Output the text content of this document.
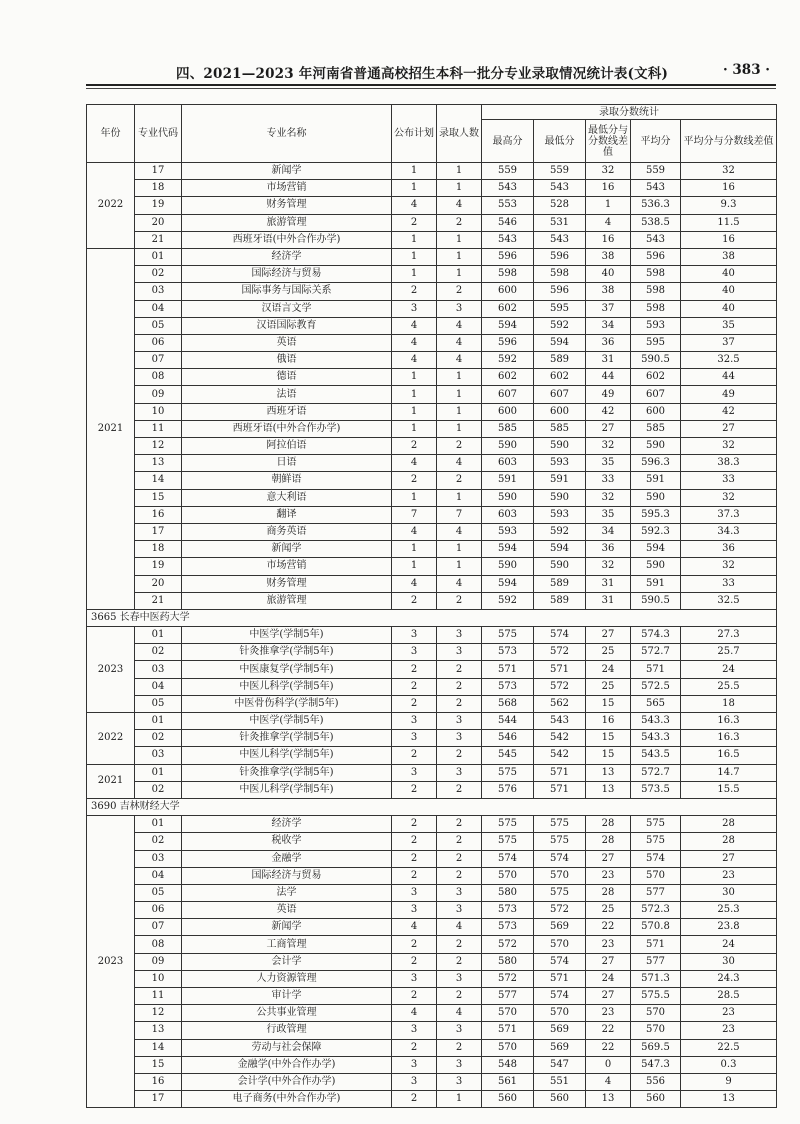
四、2021—2023 年河南省普通高校招生本科一批分专业录取情况统计表(文科)	· 383 ·
年份	专业代码	专业名称	公布计划	录取人数	录取分数统计				
					最高分	最低分	最低分与分数线差值	平均分	平均分与分数线差值
2022	17	新闻学	1	1	559	559	32	559	32
	18	市场营销	1	1	543	543	16	543	16
	19	财务管理	4	4	553	528	1	536.3	9.3
	20	旅游管理	2	2	546	531	4	538.5	11.5
	21	西班牙语(中外合作办学)	1	1	543	543	16	543	16
2021	01	经济学	1	1	596	596	38	596	38
	02	国际经济与贸易	1	1	598	598	40	598	40
	03	国际事务与国际关系	2	2	600	596	38	598	40
	04	汉语言文学	3	3	602	595	37	598	40
	05	汉语国际教育	4	4	594	592	34	593	35
	06	英语	4	4	596	594	36	595	37
	07	俄语	4	4	592	589	31	590.5	32.5
	08	德语	1	1	602	602	44	602	44
	09	法语	1	1	607	607	49	607	49
	10	西班牙语	1	1	600	600	42	600	42
	11	西班牙语(中外合作办学)	1	1	585	585	27	585	27
	12	阿拉伯语	2	2	590	590	32	590	32
	13	日语	4	4	603	593	35	596.3	38.3
	14	朝鲜语	2	2	591	591	33	591	33
	15	意大利语	1	1	590	590	32	590	32
	16	翻译	7	7	603	593	35	595.3	37.3
	17	商务英语	4	4	593	592	34	592.3	34.3
	18	新闻学	1	1	594	594	36	594	36
	19	市场营销	1	1	590	590	32	590	32
	20	财务管理	4	4	594	589	31	591	33
	21	旅游管理	2	2	592	589	31	590.5	32.5
3665 长春中医药大学									
2023	01	中医学(学制5年)	3	3	575	574	27	574.3	27.3
	02	针灸推拿学(学制5年)	3	3	573	572	25	572.7	25.7
	03	中医康复学(学制5年)	2	2	571	571	24	571	24
	04	中医儿科学(学制5年)	2	2	573	572	25	572.5	25.5
	05	中医骨伤科学(学制5年)	2	2	568	562	15	565	18
2022	01	中医学(学制5年)	3	3	544	543	16	543.3	16.3
	02	针灸推拿学(学制5年)	3	3	546	542	15	543.3	16.3
	03	中医儿科学(学制5年)	2	2	545	542	15	543.5	16.5
2021	01	针灸推拿学(学制5年)	3	3	575	571	13	572.7	14.7
	02	中医儿科学(学制5年)	2	2	576	571	13	573.5	15.5
3690 吉林财经大学									
2023	01	经济学	2	2	575	575	28	575	28
	02	税收学	2	2	575	575	28	575	28
	03	金融学	2	2	574	574	27	574	27
	04	国际经济与贸易	2	2	570	570	23	570	23
	05	法学	3	3	580	575	28	577	30
	06	英语	3	3	573	572	25	572.3	25.3
	07	新闻学	4	4	573	569	22	570.8	23.8
	08	工商管理	2	2	572	570	23	571	24
	09	会计学	2	2	580	574	27	577	30
	10	人力资源管理	3	3	572	571	24	571.3	24.3
	11	审计学	2	2	577	574	27	575.5	28.5
	12	公共事业管理	4	4	570	570	23	570	23
	13	行政管理	3	3	571	569	22	570	23
	14	劳动与社会保障	2	2	570	569	22	569.5	22.5
	15	金融学(中外合作办学)	3	3	548	547	0	547.3	0.3
	16	会计学(中外合作办学)	3	3	561	551	4	556	9
	17	电子商务(中外合作办学)	2	1	560	560	13	560	13
